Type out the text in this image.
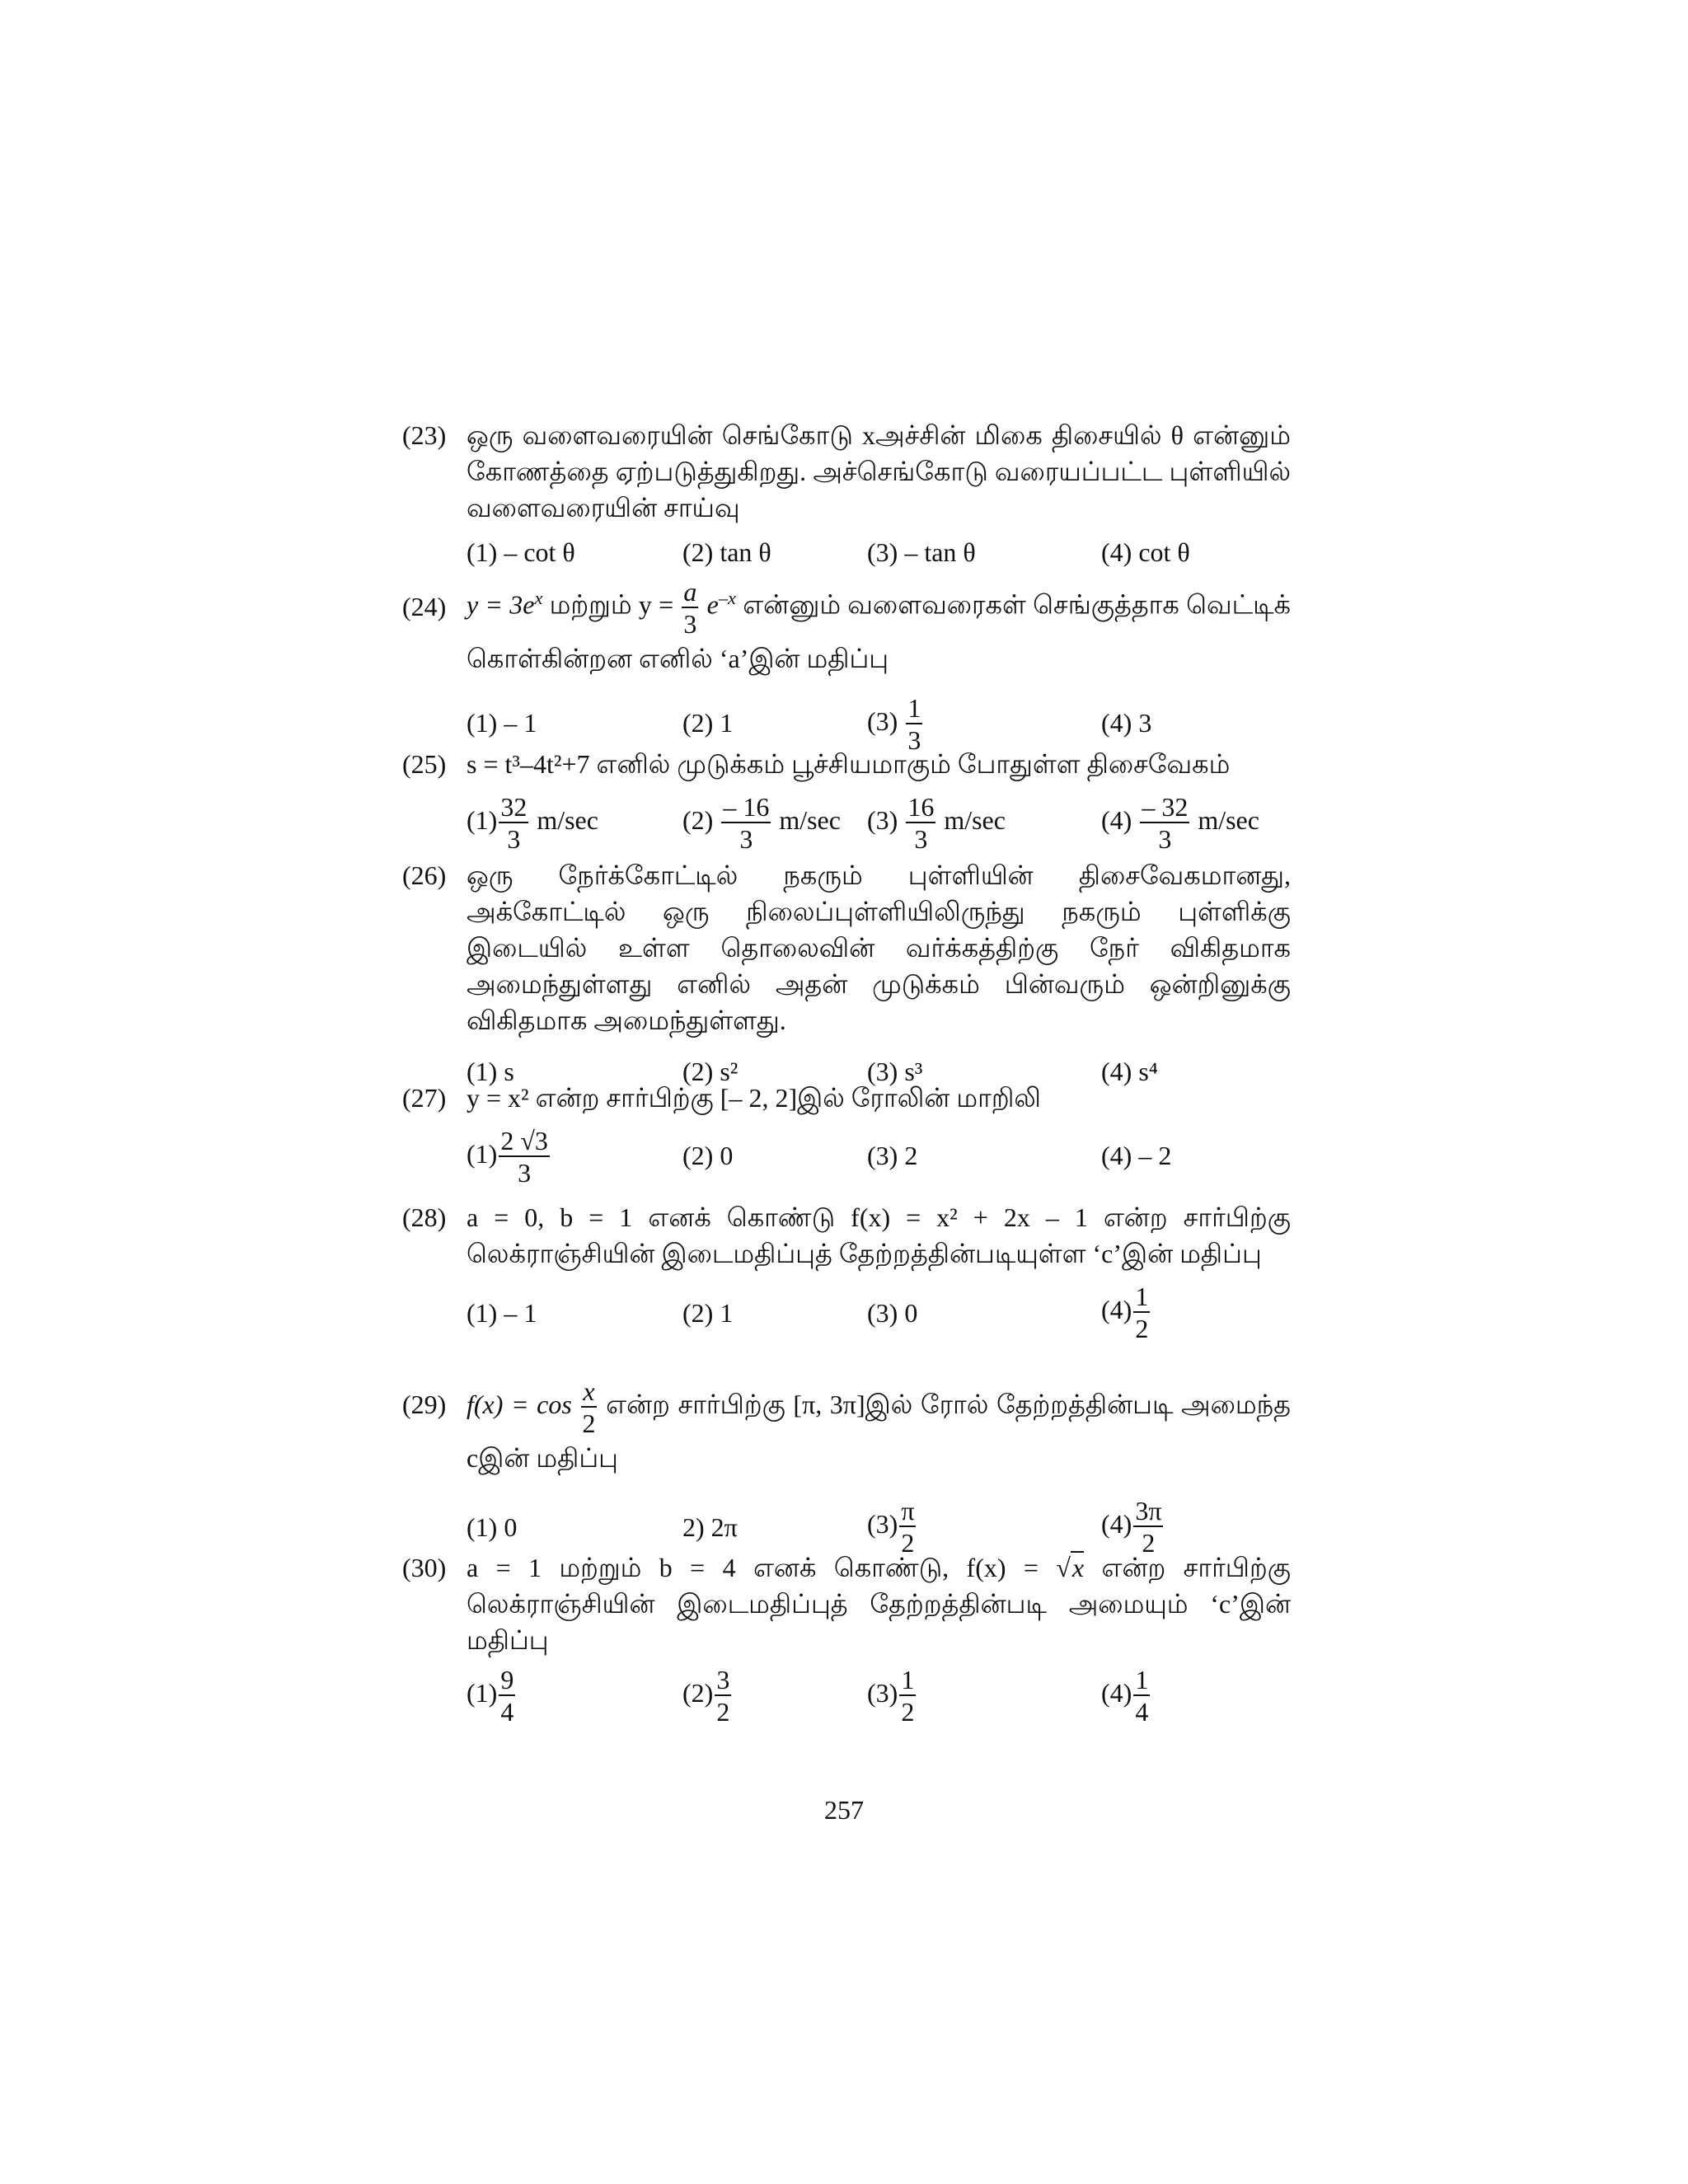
(23) ஒரு வளைவரையின் செங்கோடு xஅச்சின் மிகை திசையில் θ என்னும் கோணத்தை ஏற்படுத்துகிறது. அச்செங்கோடு வரையப்பட்ட புள்ளியில் வளைவரையின் சாய்வு
(1) – cot θ	(2) tan θ	(3) – tan θ	(4) cot θ
(24) $y = 3e^x$ மற்றும் $y = \frac{a}{3} e^{-x}$ என்னும் வளைவரைகள் செங்குத்தாக வெட்டிக் கொள்கின்றன எனில் ‘a’இன் மதிப்பு
(1) – 1	(2) 1	$(3) \frac{1}{3}$	(4) 3
(25) s = t³–4t²+7 எனில் முடுக்கம் பூச்சியமாகும் போதுள்ள திசைவேகம்
$(1) \frac{32}{3} m/\sec$	$(2) \frac{- 16}{3} m/\sec$ $(3) \frac{16}{3} m/\sec$	$(4) \frac{- 32}{3} m/\sec$
(26) ஒரு நேர்க்கோட்டில் நகரும் புள்ளியின் திசைவேகமானது, அக்கோட்டில் ஒரு நிலைப்புள்ளியிலிருந்து நகரும் புள்ளிக்கு இடையில் உள்ள தொலைவின் வர்க்கத்திற்கு நேர் விகிதமாக அமைந்துள்ளது எனில் அதன் முடுக்கம் பின்வரும் ஒன்றினுக்கு விகிதமாக அமைந்துள்ளது.
(1) s	(2) s²	(3) s³	(4) s⁴
(27) y = x² என்ற சார்பிற்கு [– 2, 2]இல் ரோலின் மாறிலி
$(1) \frac{2 √3}{3}$	(2) 0	(3) 2	(4) – 2
(28) a = 0, b = 1 எனக் கொண்டு f(x) = x² + 2x – 1 என்ற சார்பிற்கு லெக்ராஞ்சியின் இடைமதிப்புத் தேற்றத்தின்படியுள்ள ‘c’இன் மதிப்பு
(1) – 1	(2) 1	(3) 0	$(4) \frac{1}{2}$
(29) $f(x) = \cos \frac{x}{2}$ என்ற சார்பிற்கு [π, 3π]இல் ரோல் தேற்றத்தின்படி அமைந்த cஇன் மதிப்பு
(1) 0	2) 2π	$(3) \frac{\pi}{2}$	$(4) \frac{3\pi}{2}$
(30) a = 1 மற்றும் b = 4 எனக் கொண்டு, f(x) = √x என்ற சார்பிற்கு லெக்ராஞ்சியின் இடைமதிப்புத் தேற்றத்தின்படி அமையும் ‘c’இன் மதிப்பு
$(1) \frac{9}{4}$	$(2) \frac{3}{2}$	$(3) \frac{1}{2}$	$(4) \frac{1}{4}$
257
